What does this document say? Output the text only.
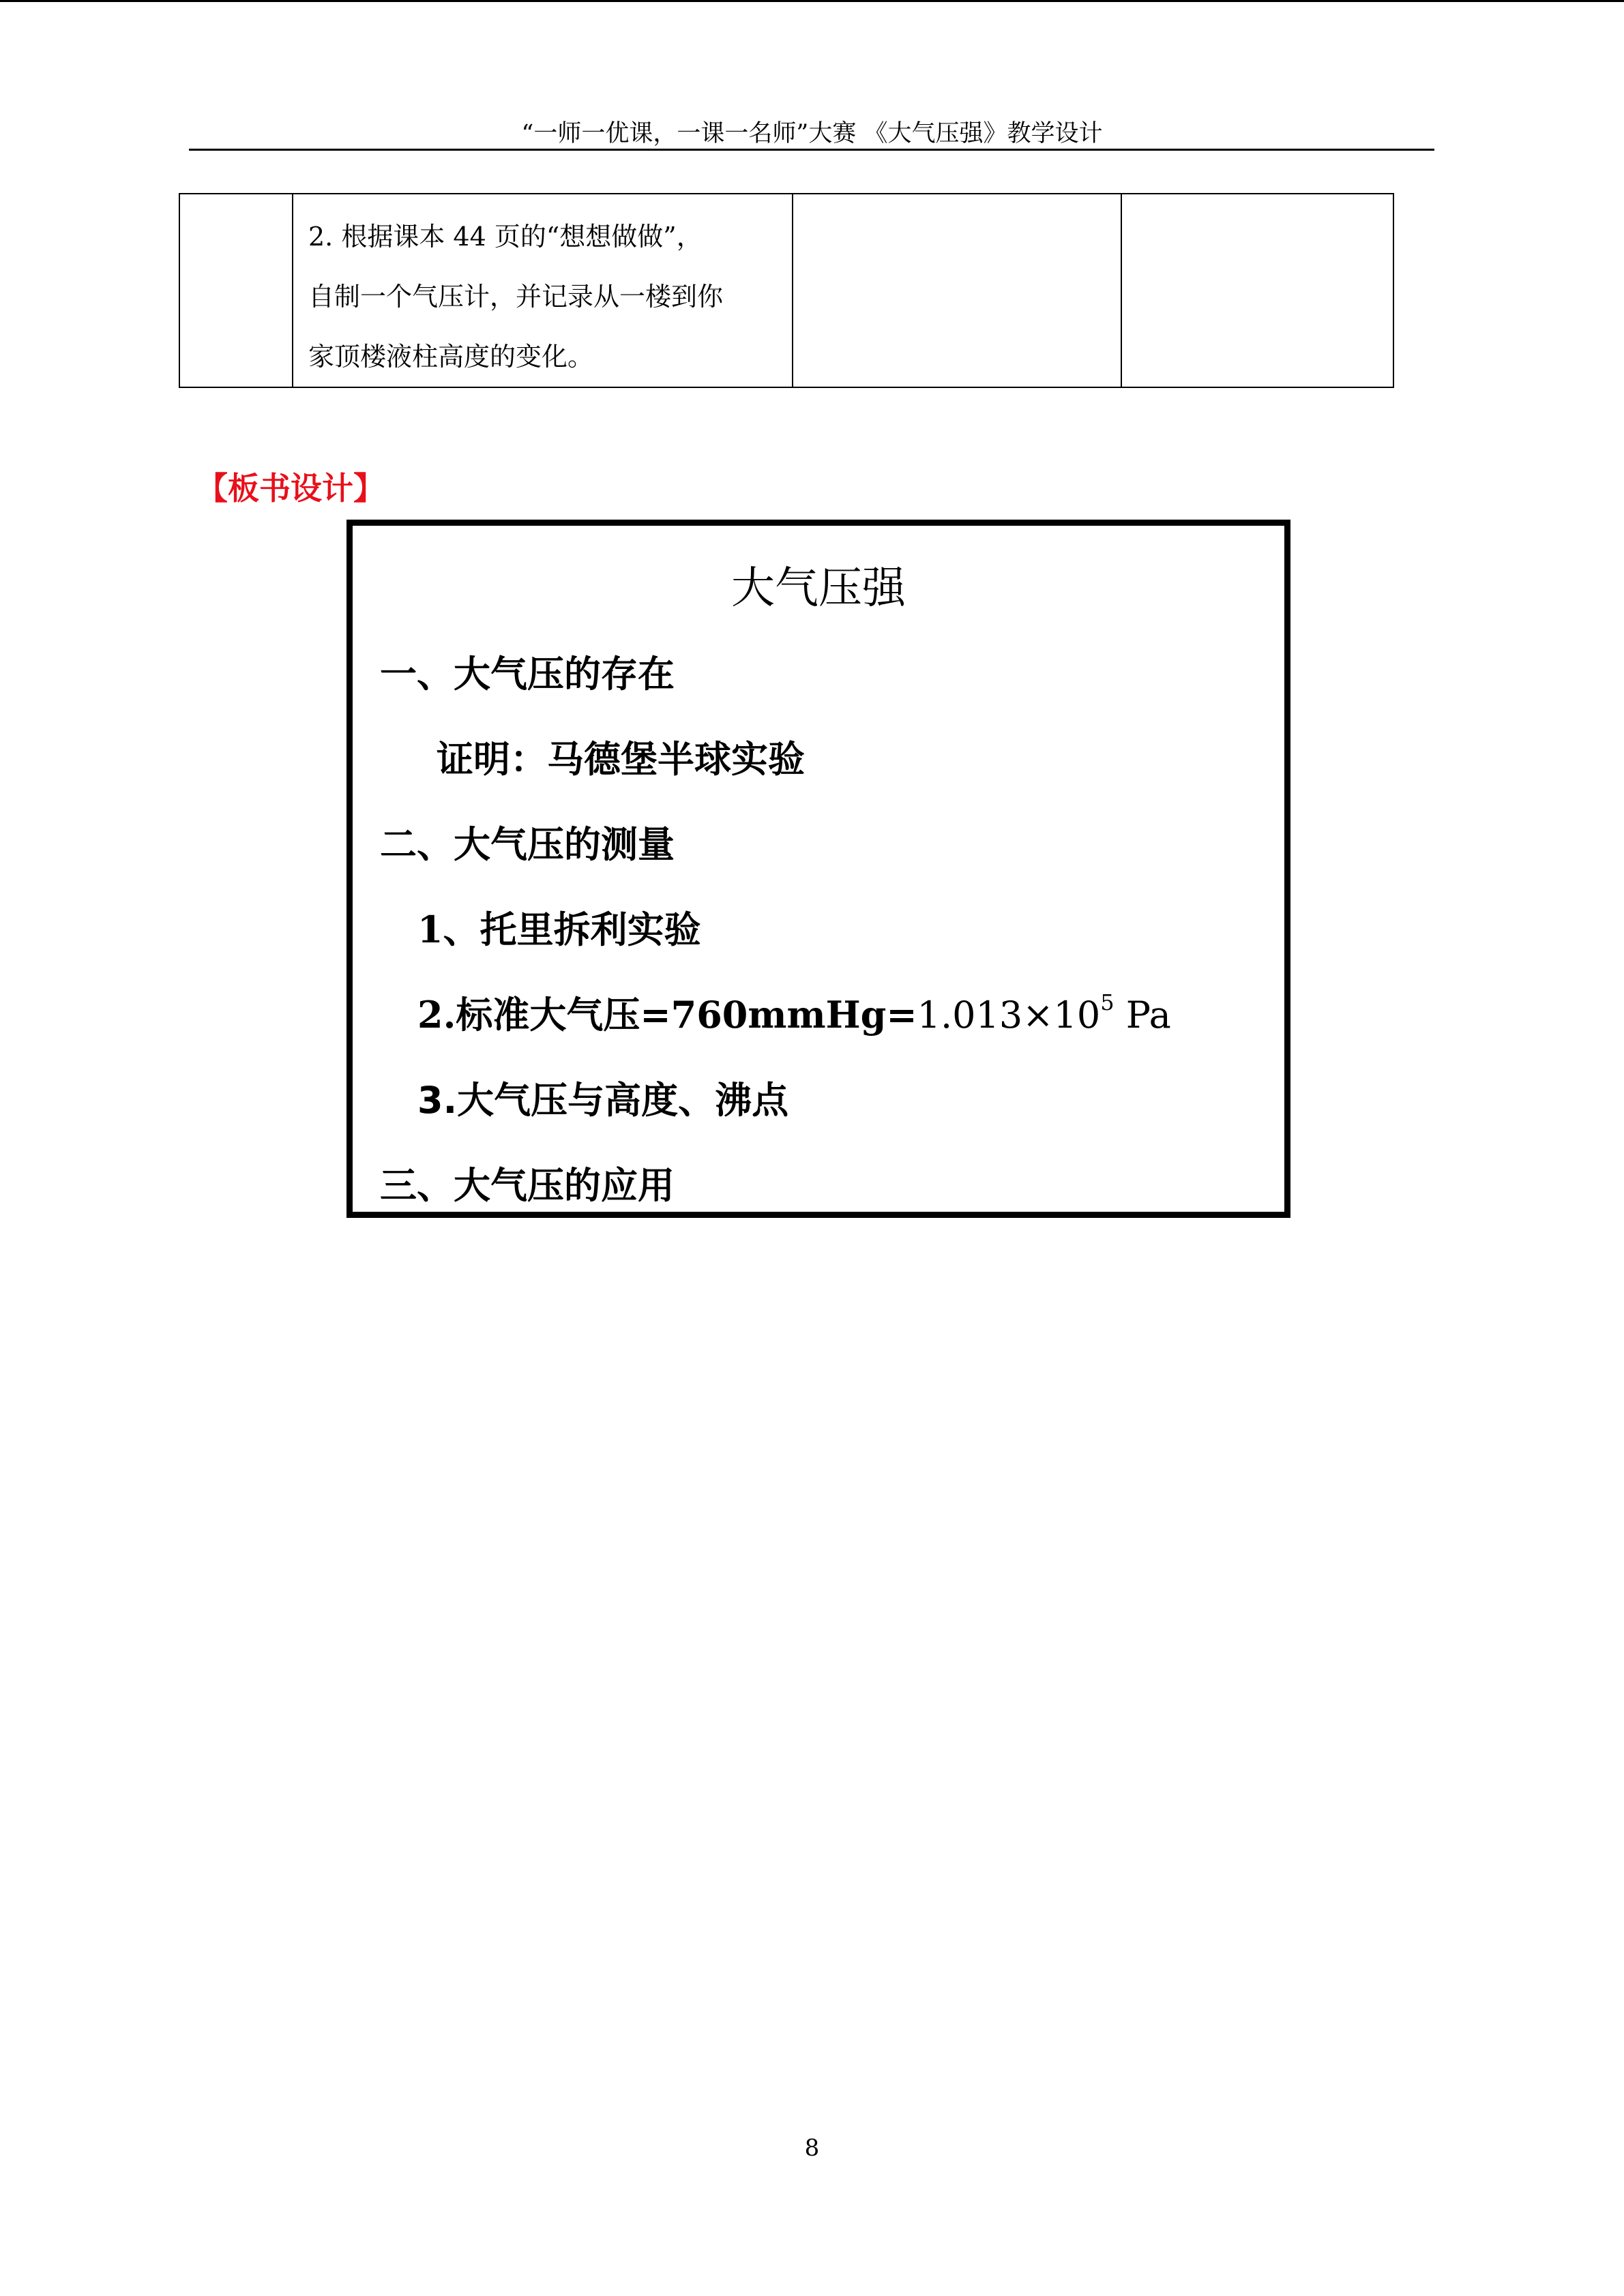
“一师一优课，一课一名师”大赛 《大气压强》教学设计

2. 根据课本 44 页的“想想做做”，
自制一个气压计，并记录从一楼到你
家顶楼液柱高度的变化。

【板书设计】
大气压强
一、大气压的存在
证明：马德堡半球实验
二、大气压的测量
1、托里拆利实验
2.标准大气压$=760mmHg=1.013\times 10^5$ Pa
3.大气压与高度、沸点
三、大气压的应用
8
